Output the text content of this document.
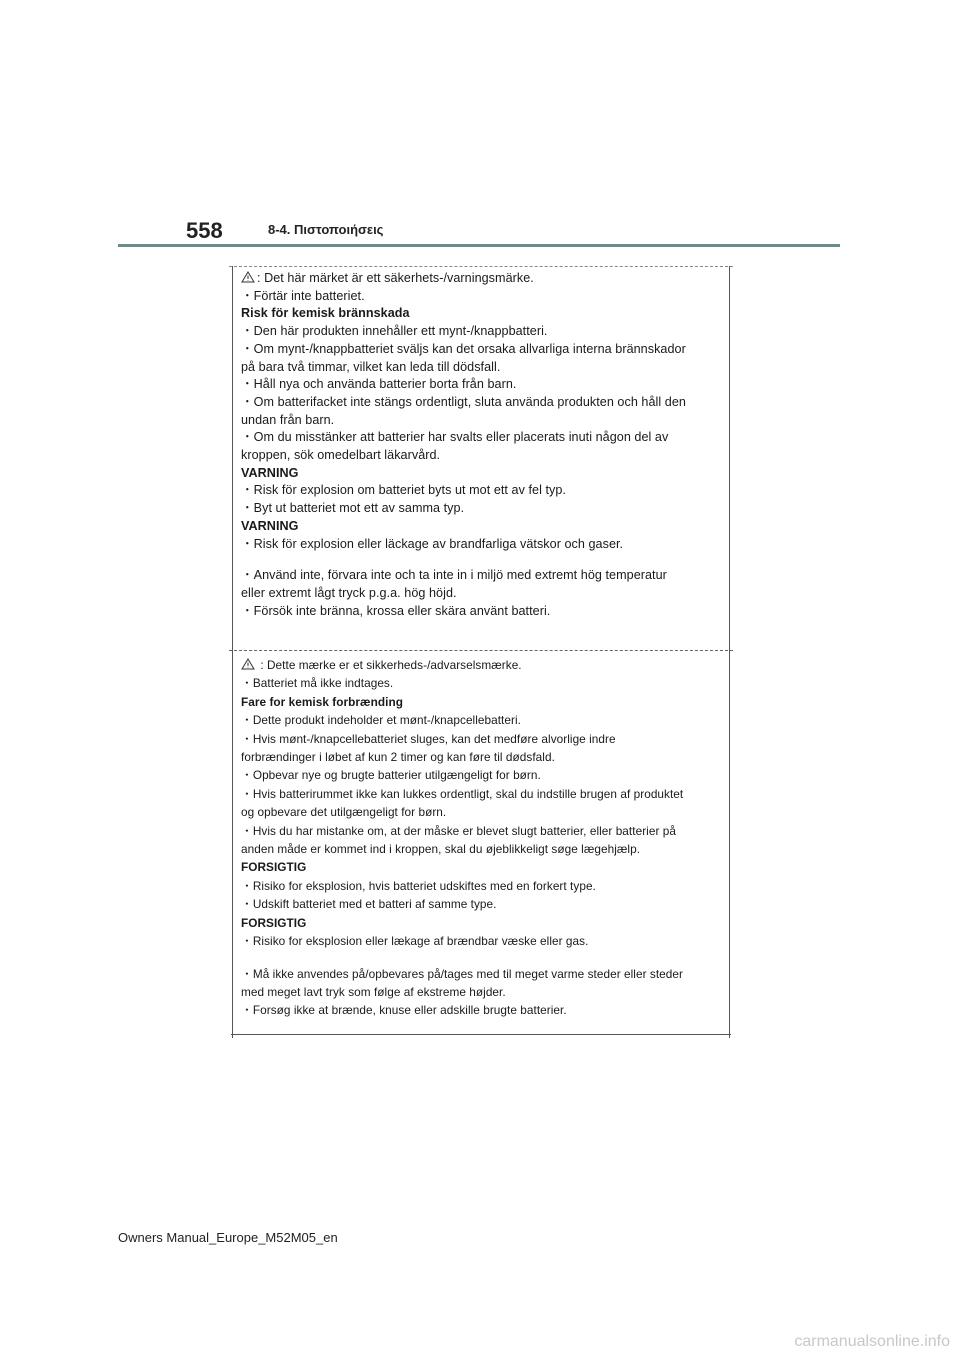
558	8-4. Πιστοποιήσεις
: Det här märket är ett säkerhets-/varningsmärke.
・Förtär inte batteriet.
Risk för kemisk brännskada
・Den här produkten innehåller ett mynt-/knappbatteri.
・Om mynt-/knappbatteriet sväljs kan det orsaka allvarliga interna brännskador
på bara två timmar, vilket kan leda till dödsfall.
・Håll nya och använda batterier borta från barn.
・Om batterifacket inte stängs ordentligt, sluta använda produkten och håll den
undan från barn.
・Om du misstänker att batterier har svalts eller placerats inuti någon del av
kroppen, sök omedelbart läkarvård.
VARNING
・Risk för explosion om batteriet byts ut mot ett av fel typ.
・Byt ut batteriet mot ett av samma typ.
VARNING
・Risk för explosion eller läckage av brandfarliga vätskor och gaser.
・Använd inte, förvara inte och ta inte in i miljö med extremt hög temperatur
eller extremt lågt tryck p.g.a. hög höjd.
・Försök inte bränna, krossa eller skära använt batteri.
: Dette mærke er et sikkerheds-/advarselsmærke.
・Batteriet må ikke indtages.
Fare for kemisk forbrænding
・Dette produkt indeholder et mønt-/knapcellebatteri.
・Hvis mønt-/knapcellebatteriet sluges, kan det medføre alvorlige indre
forbrændinger i løbet af kun 2 timer og kan føre til dødsfald.
・Opbevar nye og brugte batterier utilgængeligt for børn.
・Hvis batterirummet ikke kan lukkes ordentligt, skal du indstille brugen af produktet
og opbevare det utilgængeligt for børn.
・Hvis du har mistanke om, at der måske er blevet slugt batterier, eller batterier på
anden måde er kommet ind i kroppen, skal du øjeblikkeligt søge lægehjælp.
FORSIGTIG
・Risiko for eksplosion, hvis batteriet udskiftes med en forkert type.
・Udskift batteriet med et batteri af samme type.
FORSIGTIG
・Risiko for eksplosion eller lækage af brændbar væske eller gas.
・Må ikke anvendes på/opbevares på/tages med til meget varme steder eller steder
med meget lavt tryk som følge af ekstreme højder.
・Forsøg ikke at brænde, knuse eller adskille brugte batterier.
Owners Manual_Europe_M52M05_en
carmanualsonline.info
